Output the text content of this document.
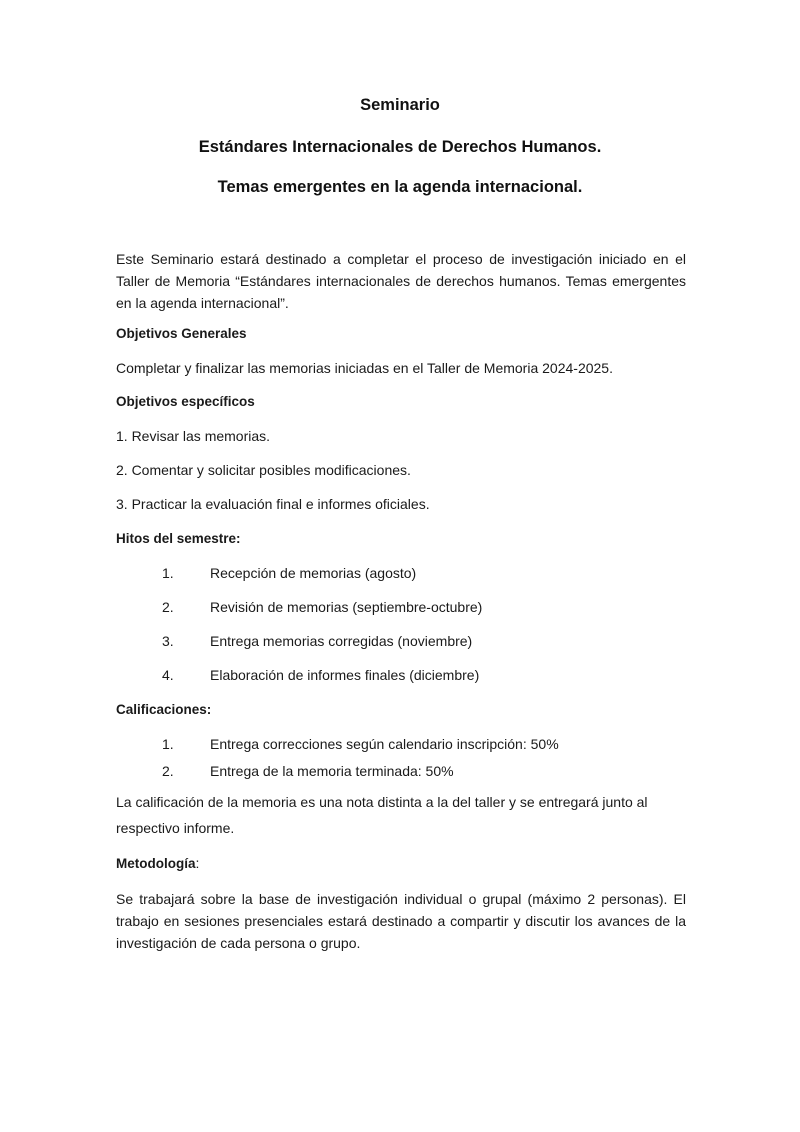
Seminario
Estándares Internacionales de Derechos Humanos.
Temas emergentes en la agenda internacional.
Este Seminario estará destinado a completar el proceso de investigación iniciado en el Taller de Memoria “Estándares internacionales de derechos humanos. Temas emergentes en la agenda internacional”.
Objetivos Generales
Completar y finalizar las memorias iniciadas en el Taller de Memoria 2024-2025.
Objetivos específicos
1. Revisar las memorias.
2. Comentar y solicitar posibles modificaciones.
3. Practicar la evaluación final e informes oficiales.
Hitos del semestre:
1.	Recepción de memorias (agosto)
2.	Revisión de memorias (septiembre-octubre)
3.	Entrega memorias corregidas (noviembre)
4.	Elaboración de informes finales (diciembre)
Calificaciones:
1.	Entrega correcciones según calendario inscripción: 50%
2.	Entrega de la memoria terminada: 50%
La calificación de la memoria es una nota distinta a la del taller y se entregará junto al respectivo informe.
Metodología:
Se trabajará sobre la base de investigación individual o grupal (máximo 2 personas). El trabajo en sesiones presenciales estará destinado a compartir y discutir los avances de la investigación de cada persona o grupo.
